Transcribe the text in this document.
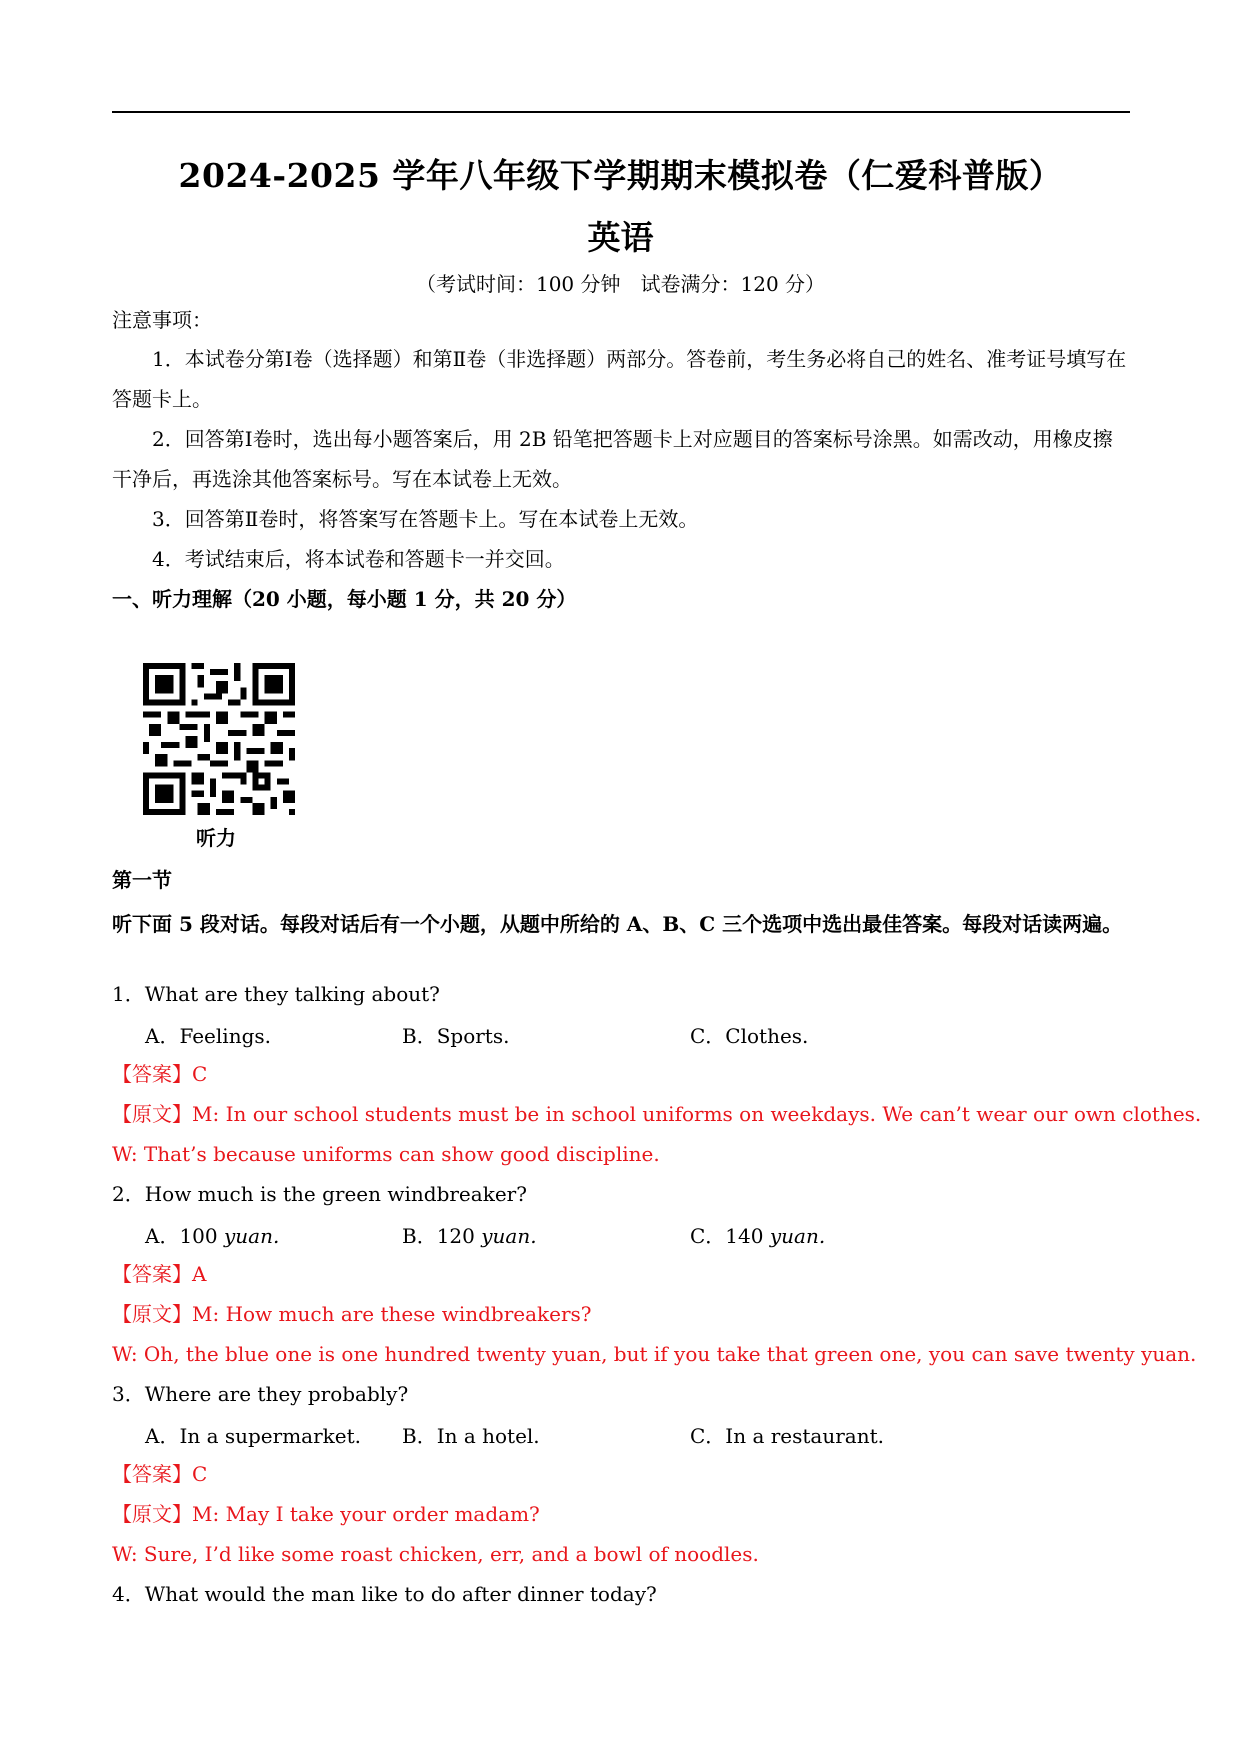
2024-2025 学年八年级下学期期末模拟卷（仁爱科普版）
英语
（考试时间：100 分钟　试卷满分：120 分）
注意事项：
1．本试卷分第Ⅰ卷（选择题）和第Ⅱ卷（非选择题）两部分。答卷前，考生务必将自己的姓名、准考证号填写在答题卡上。
2．回答第Ⅰ卷时，选出每小题答案后，用 2B 铅笔把答题卡上对应题目的答案标号涂黑。如需改动，用橡皮擦干净后，再选涂其他答案标号。写在本试卷上无效。
3．回答第Ⅱ卷时，将答案写在答题卡上。写在本试卷上无效。
4．考试结束后，将本试卷和答题卡一并交回。
一、听力理解（20 小题，每小题 1 分，共 20 分）
听力
第一节
听下面 5 段对话。每段对话后有一个小题，从题中所给的 A、B、C 三个选项中选出最佳答案。每段对话读两遍。
1．What are they talking about?
A．Feelings.	B．Sports.	C．Clothes.
【答案】C
【原文】M: In our school students must be in school uniforms on weekdays. We can’t wear our own clothes.
W: That’s because uniforms can show good discipline.
2．How much is the green windbreaker?
A．100 yuan.	B．120 yuan.	C．140 yuan.
【答案】A
【原文】M: How much are these windbreakers?
W: Oh, the blue one is one hundred twenty yuan, but if you take that green one, you can save twenty yuan.
3．Where are they probably?
A．In a supermarket. B．In a hotel.	C．In a restaurant.
【答案】C
【原文】M: May I take your order madam?
W: Sure, I’d like some roast chicken, err, and a bowl of noodles.
4．What would the man like to do after dinner today?
